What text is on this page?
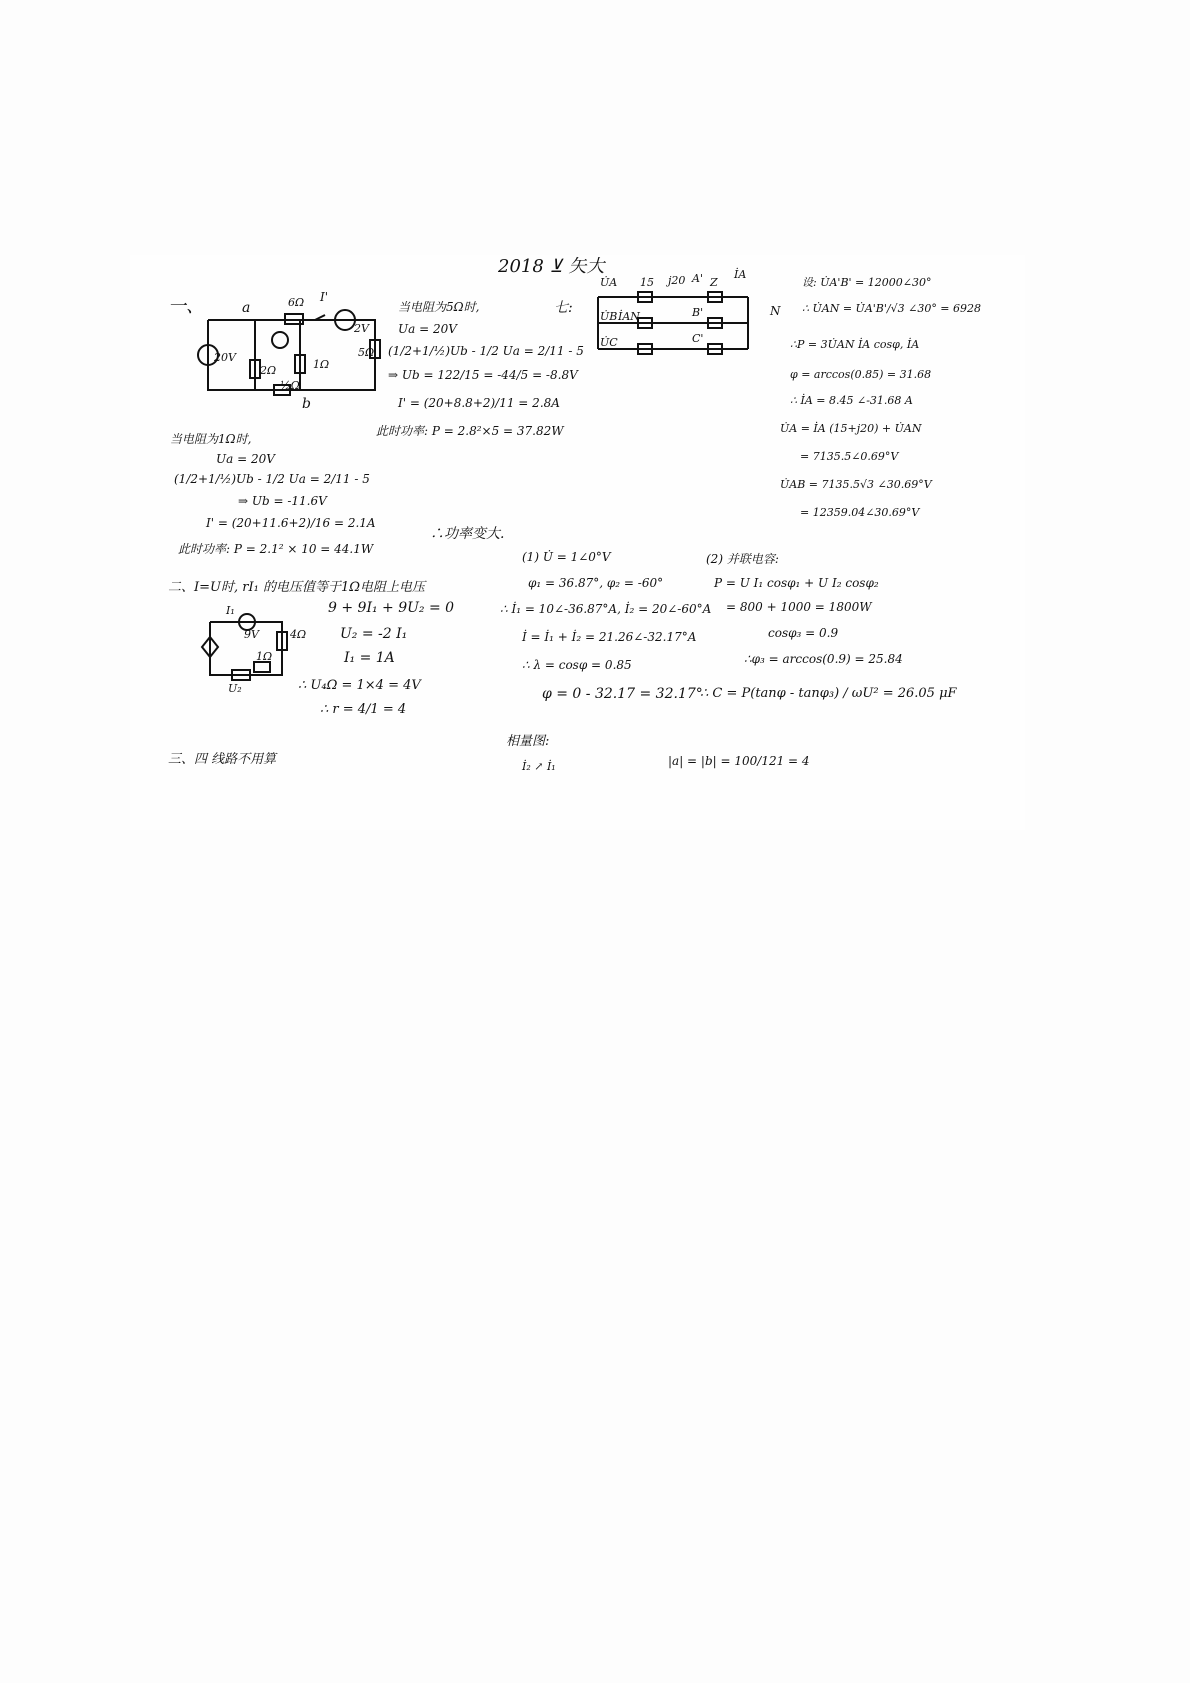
2018 ⊻ 矢大
一、	a
b
6Ω I'
20V
2V
5Ω
2Ω	1Ω
½Ω
当电阻为5Ω时,
Ua = 20V
(1/2+1/½)Ub - 1/2 Ua = 2/11 - 5
⇒ Ub = 122/15 = -44/5 = -8.8V
I' = (20+8.8+2)/11 = 2.8A
此时功率: P = 2.8²×5 = 37.82W
当电阻为1Ω时,
Ua = 20V
(1/2+1/½)Ub - 1/2 Ua = 2/11 - 5
⇒ Ub = -11.6V
I' = (20+11.6+2)/16 = 2.1A
此时功率: P = 2.1² × 10 = 44.1W
∴功率变大.
二、I=U时, rI₁ 的电压值等于1Ω电阻上电压
I₁
9V	4Ω
1Ω
U₂
9 + 9I₁ + 9U₂ = 0
U₂ = -2 I₁
I₁ = 1A
∴ U₄Ω = 1×4 = 4V
∴ r = 4/1 = 4
三、四 线路不用算
七:
U̇A
U̇B
U̇C
15 j20 A'
B'
C'
Z
İA
N
İAN
设: U̇A'B' = 12000∠30°
∴ U̇AN = U̇A'B'/√3 ∠30° = 6928
∴P = 3U̇AN İA cosφ, İA
φ = arccos(0.85) = 31.68
∴ İA = 8.45 ∠-31.68 A
U̇A = İA (15+j20) + U̇AN
= 7135.5∠0.69°V
U̇AB = 7135.5√3 ∠30.69°V
= 12359.04∠30.69°V
(1) U̇ = 1∠0°V
φ₁ = 36.87°, φ₂ = -60°
∴ İ₁ = 10∠-36.87°A, İ₂ = 20∠-60°A
İ = İ₁ + İ₂ = 21.26∠-32.17°A
∴ λ = cosφ = 0.85
φ = 0 - 32.17 = 32.17°
相量图:
İ₂ ↗ İ₁
(2) 并联电容:
P = U I₁ cosφ₁ + U I₂ cosφ₂
= 800 + 1000 = 1800W
cosφ₃ = 0.9
∴φ₃ = arccos(0.9) = 25.84
∴ C = P(tanφ - tanφ₃) / ωU² = 26.05 μF
|a| = |b| = 100/121 = 4
